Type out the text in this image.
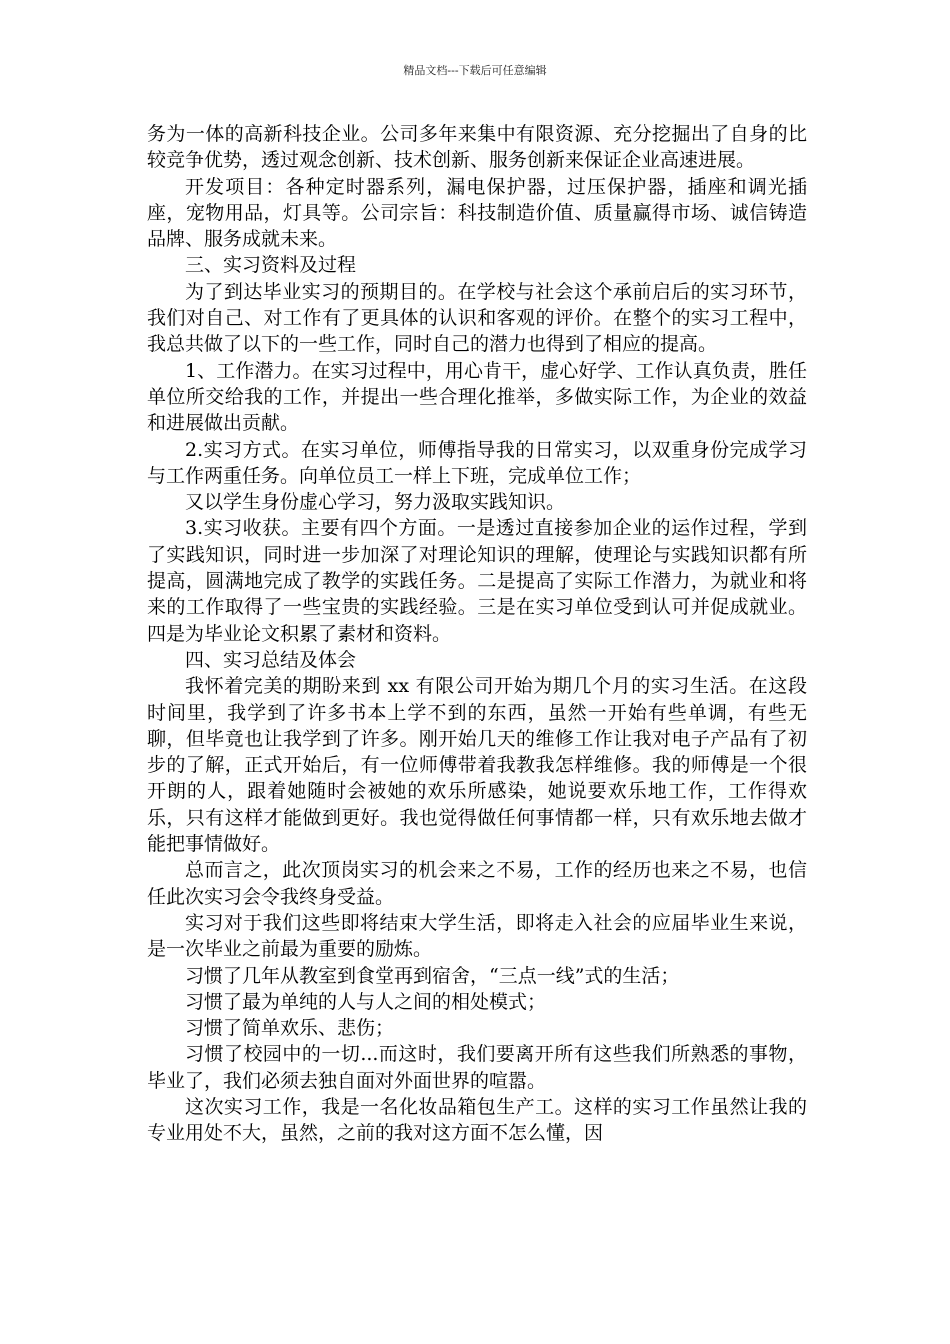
精品文档---下载后可任意编辑

务为一体的高新科技企业。公司多年来集中有限资源、充分挖掘出了自身的比较竞争优势，透过观念创新、技术创新、服务创新来保证企业高速进展。

开发项目：各种定时器系列，漏电保护器，过压保护器，插座和调光插座，宠物用品，灯具等。公司宗旨：科技制造价值、质量赢得市场、诚信铸造品牌、服务成就未来。

三、实习资料及过程

为了到达毕业实习的预期目的。在学校与社会这个承前启后的实习环节，我们对自己、对工作有了更具体的认识和客观的评价。在整个的实习工程中，我总共做了以下的一些工作，同时自己的潜力也得到了相应的提高。

1、工作潜力。在实习过程中，用心肯干，虚心好学、工作认真负责，胜任单位所交给我的工作，并提出一些合理化推举，多做实际工作，为企业的效益和进展做出贡献。

2.实习方式。在实习单位，师傅指导我的日常实习，以双重身份完成学习与工作两重任务。向单位员工一样上下班，完成单位工作；

又以学生身份虚心学习，努力汲取实践知识。

3.实习收获。主要有四个方面。一是透过直接参加企业的运作过程，学到了实践知识，同时进一步加深了对理论知识的理解，使理论与实践知识都有所提高，圆满地完成了教学的实践任务。二是提高了实际工作潜力，为就业和将来的工作取得了一些宝贵的实践经验。三是在实习单位受到认可并促成就业。四是为毕业论文积累了素材和资料。

四、实习总结及体会

我怀着完美的期盼来到 xx 有限公司开始为期几个月的实习生活。在这段时间里，我学到了许多书本上学不到的东西，虽然一开始有些单调，有些无聊，但毕竟也让我学到了许多。刚开始几天的维修工作让我对电子产品有了初步的了解，正式开始后，有一位师傅带着我教我怎样维修。我的师傅是一个很开朗的人，跟着她随时会被她的欢乐所感染，她说要欢乐地工作，工作得欢乐，只有这样才能做到更好。我也觉得做任何事情都一样，只有欢乐地去做才能把事情做好。

总而言之，此次顶岗实习的机会来之不易，工作的经历也来之不易，也信任此次实习会令我终身受益。

实习对于我们这些即将结束大学生活，即将走入社会的应届毕业生来说，是一次毕业之前最为重要的励炼。

习惯了几年从教室到食堂再到宿舍，“三点一线”式的生活；

习惯了最为单纯的人与人之间的相处模式；

习惯了简单欢乐、悲伤；

习惯了校园中的一切...而这时，我们要离开所有这些我们所熟悉的事物，毕业了，我们必须去独自面对外面世界的喧嚣。

这次实习工作，我是一名化妆品箱包生产工。这样的实习工作虽然让我的专业用处不大，虽然，之前的我对这方面不怎么懂，因
